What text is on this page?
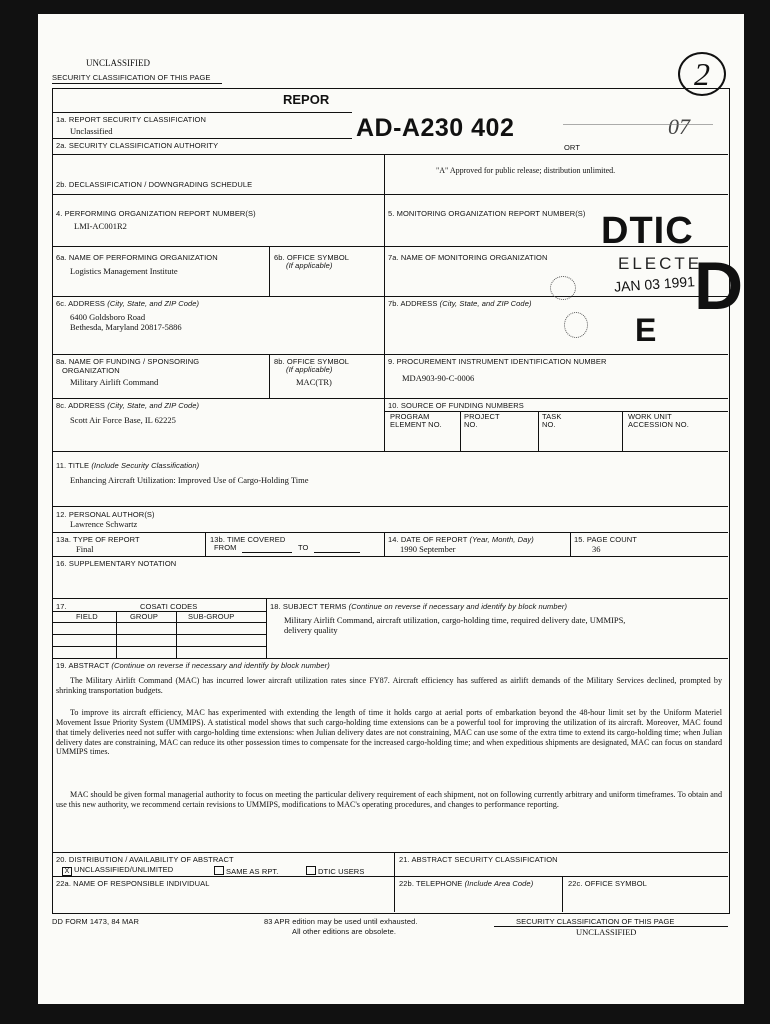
UNCLASSIFIED
SECURITY CLASSIFICATION OF THIS PAGE	2
REPOR
AD-A230 402	07
1a. REPORT SECURITY CLASSIFICATION
Unclassified
2a. SECURITY CLASSIFICATION AUTHORITY	ORT
"A" Approved for public release; distribution unlimited.
2b. DECLASSIFICATION / DOWNGRADING SCHEDULE
4. PERFORMING ORGANIZATION REPORT NUMBER(S)
LMI-AC001R2
5. MONITORING ORGANIZATION REPORT NUMBER(S)
6a. NAME OF PERFORMING ORGANIZATION
Logistics Management Institute
6b. OFFICE SYMBOL
(If applicable)
7a. NAME OF MONITORING ORGANIZATION
6c. ADDRESS (City, State, and ZIP Code)
6400 Goldsboro Road
Bethesda, Maryland 20817-5886
7b. ADDRESS (City, State, and ZIP Code)
DTIC
ELECTE
JAN 03 1991
D
E
8a. NAME OF FUNDING / SPONSORING
ORGANIZATION
Military Airlift Command
8b. OFFICE SYMBOL
(If applicable)
MAC(TR)
9. PROCUREMENT INSTRUMENT IDENTIFICATION NUMBER
MDA903-90-C-0006
8c. ADDRESS (City, State, and ZIP Code)
Scott Air Force Base, IL 62225
10. SOURCE OF FUNDING NUMBERS
PROGRAM
ELEMENT NO.
PROJECT
NO.
TASK
NO.
WORK UNIT
ACCESSION NO.
11. TITLE (Include Security Classification)
Enhancing Aircraft Utilization: Improved Use of Cargo-Holding Time
12. PERSONAL AUTHOR(S)
Lawrence Schwartz
13a. TYPE OF REPORT
Final
13b. TIME COVERED
FROM	TO
14. DATE OF REPORT (Year, Month, Day)
1990 September
15. PAGE COUNT
36
16. SUPPLEMENTARY NOTATION
17.	COSATI CODES
FIELD	GROUP	SUB-GROUP
18. SUBJECT TERMS (Continue on reverse if necessary and identify by block number)
Military Airlift Command, aircraft utilization, cargo-holding time, required delivery date, UMMIPS,
delivery quality
19. ABSTRACT (Continue on reverse if necessary and identify by block number)
The Military Airlift Command (MAC) has incurred lower aircraft utilization rates since FY87. Aircraft efficiency has suffered as airlift demands of the Military Services declined, prompted by shrinking transportation budgets.
To improve its aircraft efficiency, MAC has experimented with extending the length of time it holds cargo at aerial ports of embarkation beyond the 48-hour limit set by the Uniform Materiel Movement Issue Priority System (UMMIPS). A statistical model shows that such cargo-holding time extensions can be a powerful tool for improving the utilization of its aircraft. Moreover, MAC found that timely deliveries need not suffer with cargo-holding time extensions: when Julian delivery dates are not constraining, MAC can use some of the extra time to extend its cargo-holding time; when Julian delivery dates are constraining, MAC can reduce its other possession times to compensate for the increased cargo-holding time; and when expeditious shipments are designated, MAC can focus on standard UMMIPS times.
MAC should be given formal managerial authority to focus on meeting the particular delivery requirement of each shipment, not on following currently arbitrary and uniform timeframes. To obtain and use this new authority, we recommend certain revisions to UMMIPS, modifications to MAC's operating procedures, and changes to performance reporting.
20. DISTRIBUTION / AVAILABILITY OF ABSTRACT
X UNCLASSIFIED/UNLIMITED	SAME AS RPT.	DTIC USERS
21. ABSTRACT SECURITY CLASSIFICATION
22a. NAME OF RESPONSIBLE INDIVIDUAL	22b. TELEPHONE (Include Area Code)	22c. OFFICE SYMBOL
DD FORM 1473, 84 MAR	83 APR edition may be used until exhausted.
All other editions are obsolete.
SECURITY CLASSIFICATION OF THIS PAGE
UNCLASSIFIED
